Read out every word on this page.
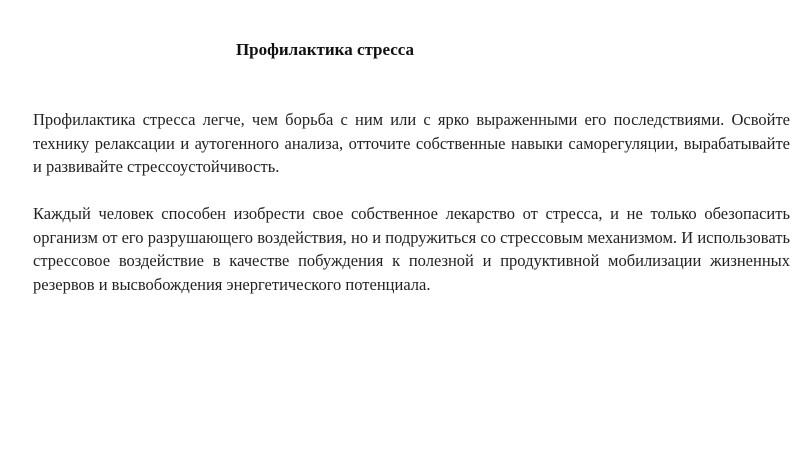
Профилактика стресса

Профилактика стресса легче, чем борьба с ним или с ярко выраженными его последствиями. Освойте технику релаксации и аутогенного анализа, отточите собственные навыки саморегуляции, вырабатывайте и развивайте стрессоустойчивость.

Каждый человек способен изобрести свое собственное лекарство от стресса, и не только обезопасить организм от его разрушающего воздействия, но и подружиться со стрессовым механизмом. И использовать стрессовое воздействие в качестве побуждения к полезной и продуктивной мобилизации жизненных резервов и высвобождения энергетического потенциала.
